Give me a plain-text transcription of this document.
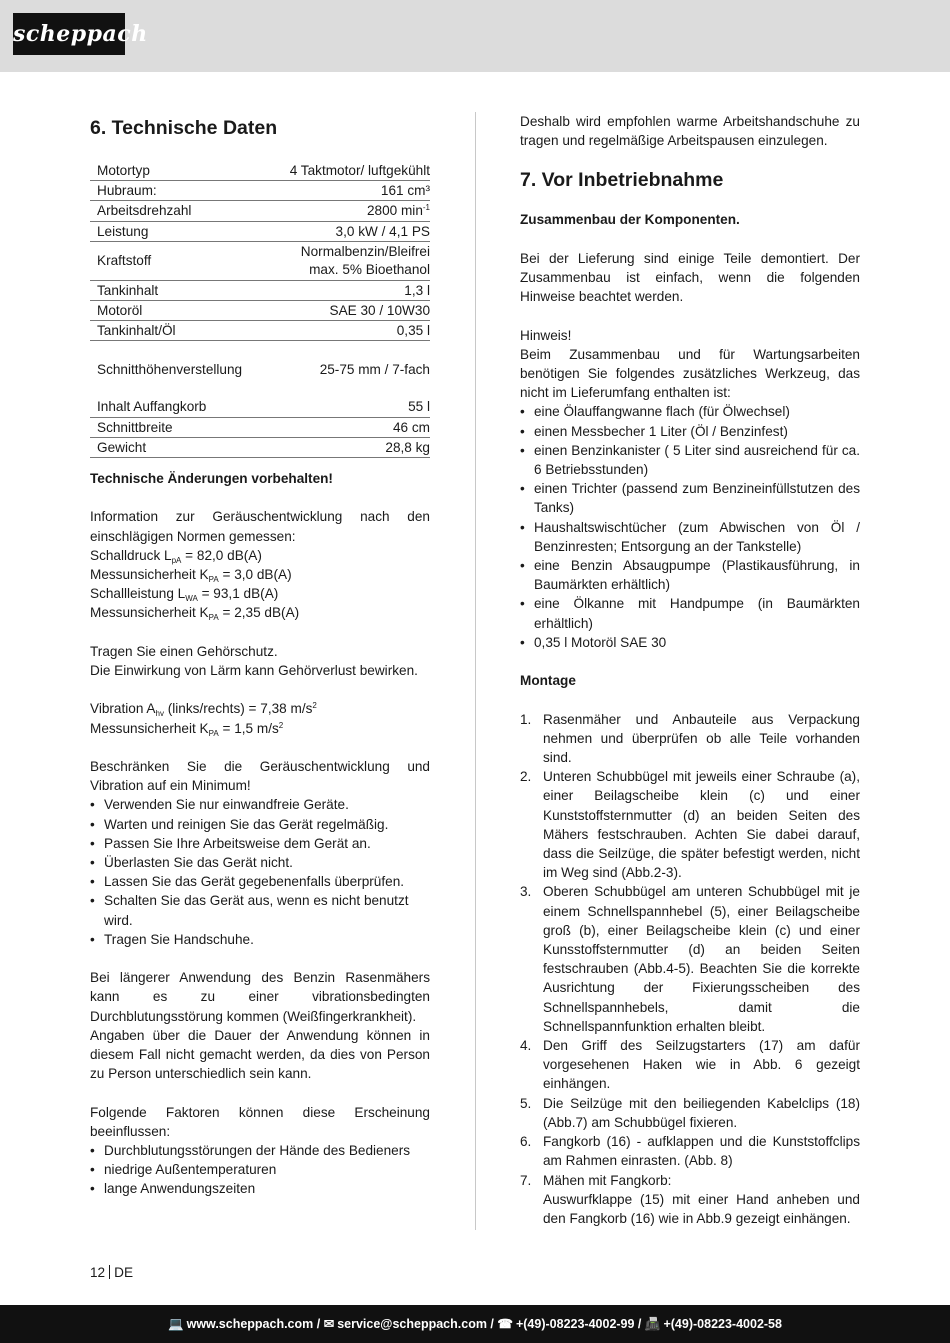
scheppach
6. Technische Daten
Motortyp	4 Taktmotor/ luftgekühlt
Hubraum:	161 cm³
Arbeitsdrehzahl	2800 $\min^{-1}$
Leistung	3,0 kW / 4,1 PS
Kraftstoff	Normalbenzin/Bleifrei
max. 5% Bioethanol
Tankinhalt	1,3 l
Motoröl	SAE 30 / 10W30
Tankinhalt/Öl	0,35 l
Schnitthöhenverstellung	25-75 mm / 7-fach
Inhalt Auffangkorb	55 l
Schnittbreite	46 cm
Gewicht	28,8 kg

Technische Änderungen vorbehalten!

Information zur Geräuschentwicklung nach den einschlägigen Normen gemessen:

Schalldruck $L_{pA} = 82,0$ dB(A)

Messunsicherheit $K_{PA} = 3,0$ dB(A)

Schallleistung $L_{WA} = 93,1$ dB(A)

Messunsicherheit $K_{PA} = 2,35$ dB(A)

Tragen Sie einen Gehörschutz.

Die Einwirkung von Lärm kann Gehörverlust bewirken.

Vibration $A_{hv}$ (links/rechts) = 7,38 $m/s^2$

Messunsicherheit $K_{PA} = 1,5$ $m/s^2$

Beschränken Sie die Geräuschentwicklung und Vibration auf ein Minimum!

• Verwenden Sie nur einwandfreie Geräte.
• Warten und reinigen Sie das Gerät regelmäßig.
• Passen Sie Ihre Arbeitsweise dem Gerät an.
• Überlasten Sie das Gerät nicht.
• Lassen Sie das Gerät gegebenenfalls überprüfen.
• Schalten Sie das Gerät aus, wenn es nicht benutzt wird.
• Tragen Sie Handschuhe.

Bei längerer Anwendung des Benzin Rasenmähers kann es zu einer vibrationsbedingten Durchblutungsstörung kommen (Weißfingerkrankheit).

Angaben über die Dauer der Anwendung können in diesem Fall nicht gemacht werden, da dies von Person zu Person unterschiedlich sein kann.

Folgende Faktoren können diese Erscheinung beeinflussen:

• Durchblutungsstörungen der Hände des Bedieners
• niedrige Außentemperaturen
• lange Anwendungszeiten

Deshalb wird empfohlen warme Arbeitshandschuhe zu tragen und regelmäßige Arbeitspausen einzulegen.

7. Vor Inbetriebnahme

Zusammenbau der Komponenten.

Bei der Lieferung sind einige Teile demontiert. Der Zusammenbau ist einfach, wenn die folgenden Hinweise beachtet werden.

Hinweis!

Beim Zusammenbau und für Wartungsarbeiten benötigen Sie folgendes zusätzliches Werkzeug, das nicht im Lieferumfang enthalten ist:

• eine Ölauffangwanne flach (für Ölwechsel)
• einen Messbecher 1 Liter (Öl / Benzinfest)
• einen Benzinkanister ( 5 Liter sind ausreichend für ca. 6 Betriebsstunden)
• einen Trichter (passend zum Benzineinfüllstutzen des Tanks)
• Haushaltswischtücher (zum Abwischen von Öl / Benzinresten; Entsorgung an der Tankstelle)
• eine Benzin Absaugpumpe (Plastikausführung, in Baumärkten erhältlich)
• eine Ölkanne mit Handpumpe (in Baumärkten erhältlich)
• 0,35 l Motoröl SAE 30

Montage

1. Rasenmäher und Anbauteile aus Verpackung nehmen und überprüfen ob alle Teile vorhanden sind.
2. Unteren Schubbügel mit jeweils einer Schraube (a), einer Beilagscheibe klein (c) und einer Kunststoffsternmutter (d) an beiden Seiten des Mähers festschrauben. Achten Sie dabei darauf, dass die Seilzüge, die später befestigt werden, nicht im Weg sind (Abb.2-3).
3. Oberen Schubbügel am unteren Schubbügel mit je einem Schnellspannhebel (5), einer Beilagscheibe groß (b), einer Beilagscheibe klein (c) und einer Kunsstoffsternmutter (d) an beiden Seiten festschrauben (Abb.4-5). Beachten Sie die korrekte Ausrichtung der Fixierungsscheiben des Schnellspannhebels, damit die Schnellspannfunktion erhalten bleibt.
4. Den Griff des Seilzugstarters (17) am dafür vorgesehenen Haken wie in Abb. 6 gezeigt einhängen.
5. Die Seilzüge mit den beiliegenden Kabelclips (18) (Abb.7) am Schubbügel fixieren.
6. Fangkorb (16) - aufklappen und die Kunststoffclips am Rahmen einrasten. (Abb. 8)
7. Mähen mit Fangkorb:
Auswurfklappe (15) mit einer Hand anheben und den Fangkorb (16) wie in Abb.9 gezeigt einhängen.
12 DE
💻 www.scheppach.com / ✉ service@scheppach.com / ☎ +(49)-08223-4002-99 / 📠 +(49)-08223-4002-58
